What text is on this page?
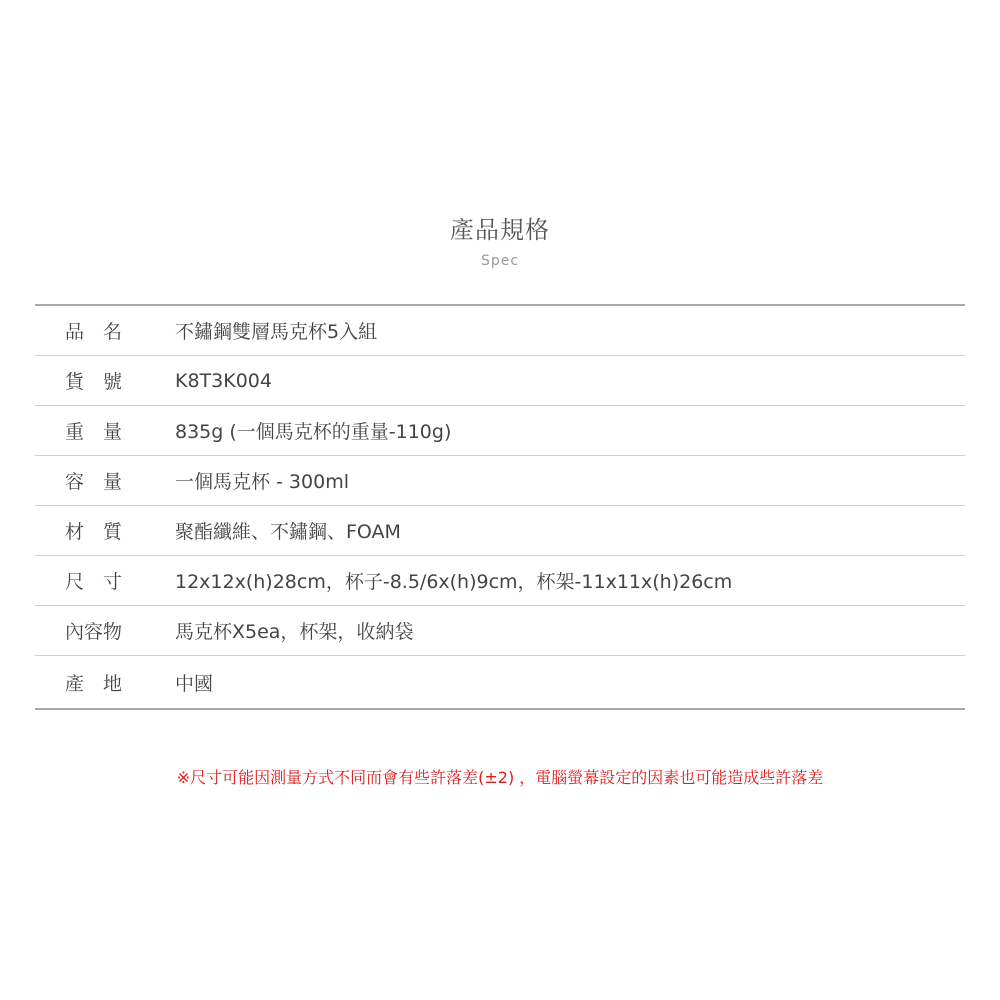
產品規格
Spec
品　名	不鏽鋼雙層馬克杯5入組
貨　號	K8T3K004
重　量	835g (一個馬克杯的重量-110g)
容　量	一個馬克杯 - 300ml
材　質	聚酯纖維、不鏽鋼、FOAM
尺　寸	12x12x(h)28cm，杯子-8.5/6x(h)9cm，杯架-11x11x(h)26cm
內容物	馬克杯X5ea，杯架，收納袋
產　地	中國
※尺寸可能因測量方式不同而會有些許落差(±2) ，電腦螢幕設定的因素也可能造成些許落差
